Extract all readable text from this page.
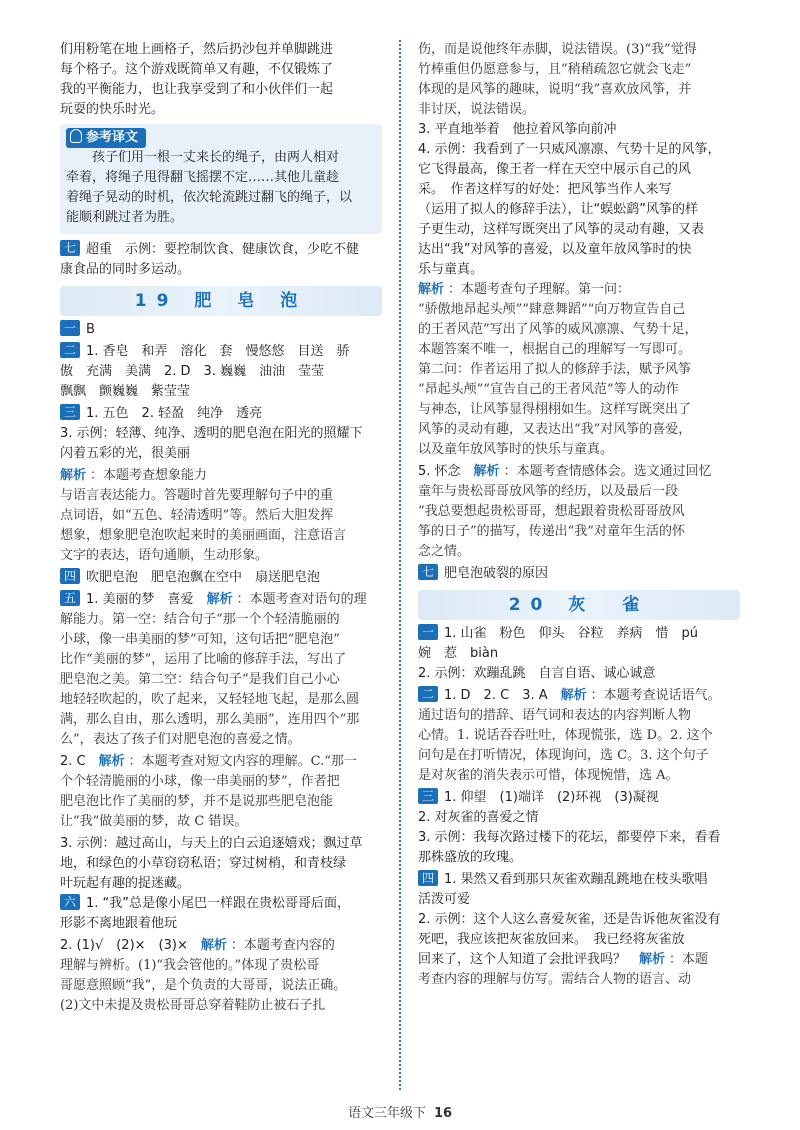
们用粉笔在地上画格子，然后扔沙包并单脚跳进
每个格子。这个游戏既简单又有趣，不仅锻炼了
我的平衡能力，也让我享受到了和小伙伴们一起
玩耍的快乐时光。
参考译文
　　孩子们用一根一丈来长的绳子，由两人相对
牵着，将绳子甩得翻飞摇摆不定……其他儿童趁
着绳子晃动的时机，依次轮流跳过翻飞的绳子，以
能顺利跳过者为胜。
七 超重　示例：要控制饮食、健康饮食，少吃不健
康食品的同时多运动。
19 肥 皂 泡
一 B
二 1. 香皂　和弄　溶化　套　慢悠悠　目送　骄
傲　充满　美满　2. D　3. 巍巍　油油　莹莹
飘飘　颤巍巍　紫莹莹
三 1. 五色　2. 轻盈　纯净　透亮
3. 示例：轻薄、纯净、透明的肥皂泡在阳光的照耀下
闪着五彩的光，很美丽
解析 ：本题考查想象能力
与语言表达能力。答题时首先要理解句子中的重
点词语，如“五色、轻清透明”等。然后大胆发挥
想象，想象肥皂泡吹起来时的美丽画面，注意语言
文字的表达，语句通顺，生动形象。
四 吹肥皂泡　肥皂泡飘在空中　扇送肥皂泡
五 1. 美丽的梦　喜爱　解析 ：本题考查对语句的理
解能力。第一空：结合句子“那一个个轻清脆丽的
小球，像一串美丽的梦”可知，这句话把“肥皂泡”
比作“美丽的梦”，运用了比喻的修辞手法，写出了
肥皂泡之美。第二空：结合句子“是我们自己小心
地轻轻吹起的，吹了起来，又轻轻地飞起，是那么圆
满，那么自由，那么透明，那么美丽”，连用四个“那
么”，表达了孩子们对肥皂泡的喜爱之情。
2. C　解析 ：本题考查对短文内容的理解。C.“那一
个个轻清脆丽的小球，像一串美丽的梦”，作者把
肥皂泡比作了美丽的梦，并不是说那些肥皂泡能
让“我”做美丽的梦，故 C 错误。
3. 示例：越过高山，与天上的白云追逐嬉戏；飘过草
地，和绿色的小草窃窃私语；穿过树梢，和青枝绿
叶玩起有趣的捉迷藏。
六 1. “我”总是像小尾巴一样跟在贵松哥哥后面，
形影不离地跟着他玩
2. (1)√　(2)×　(3)×　解析 ：本题考查内容的
理解与辨析。(1)“我会管他的。”体现了贵松哥
哥愿意照顾“我”，是个负责的大哥哥，说法正确。
(2)文中未提及贵松哥哥总穿着鞋防止被石子扎
伤，而是说他终年赤脚，说法错误。(3)“我”觉得
竹棒重但仍愿意参与，且“稍稍疏忽它就会飞走”
体现的是风筝的趣味，说明“我”喜欢放风筝，并
非讨厌，说法错误。
3. 平直地举着　他拉着风筝向前冲
4. 示例：我看到了一只威风凛凛、气势十足的风筝，
它飞得最高，像王者一样在天空中展示自己的风
采。　作者这样写的好处：把风筝当作人来写
（运用了拟人的修辞手法），让“蜈蚣鹞”风筝的样
子更生动，这样写既突出了风筝的灵动有趣，又表
达出“我”对风筝的喜爱，以及童年放风筝时的快
乐与童真。
解析 ：本题考查句子理解。第一问：
“骄傲地昂起头颅”“肆意舞蹈”“向万物宣告自己
的王者风范”写出了风筝的威风凛凛、气势十足，
本题答案不唯一，根据自己的理解写一写即可。
第二问：作者运用了拟人的修辞手法，赋予风筝
“昂起头颅”“宣告自己的王者风范”等人的动作
与神态，让风筝显得栩栩如生。这样写既突出了
风筝的灵动有趣，又表达出“我”对风筝的喜爱，
以及童年放风筝时的快乐与童真。
5. 怀念　解析 ：本题考查情感体会。选文通过回忆
童年与贵松哥哥放风筝的经历，以及最后一段
“我总要想起贵松哥哥，想起跟着贵松哥哥放风
筝的日子”的描写，传递出“我”对童年生活的怀
念之情。
七 肥皂泡破裂的原因
20 灰　雀
一 1. 山雀　粉色　仰头　谷粒　养病　惜　pú
婉　惹　biàn
2. 示例：欢蹦乱跳　自言自语、诚心诚意
二 1. D　2. C　3. A　解析 ：本题考查说话语气。
通过语句的措辞、语气词和表达的内容判断人物
心情。1. 说话吞吞吐吐，体现慌张，选 D。2. 这个
问句是在打听情况，体现询问，选 C。3. 这个句子
是对灰雀的消失表示可惜，体现惋惜，选 A。
三 1. 仰望　(1)端详　(2)环视　(3)凝视
2. 对灰雀的喜爱之情
3. 示例：我每次路过楼下的花坛，都要停下来，看看
那株盛放的玫瑰。
四 1. 果然又看到那只灰雀欢蹦乱跳地在枝头歌唱
活泼可爱
2. 示例：这个人这么喜爱灰雀，还是告诉他灰雀没有
死吧，我应该把灰雀放回来。　我已经将灰雀放
回来了，这个人知道了会批评我吗？　 解析 ：本题
考查内容的理解与仿写。需结合人物的语言、动
语文三年级下 16
